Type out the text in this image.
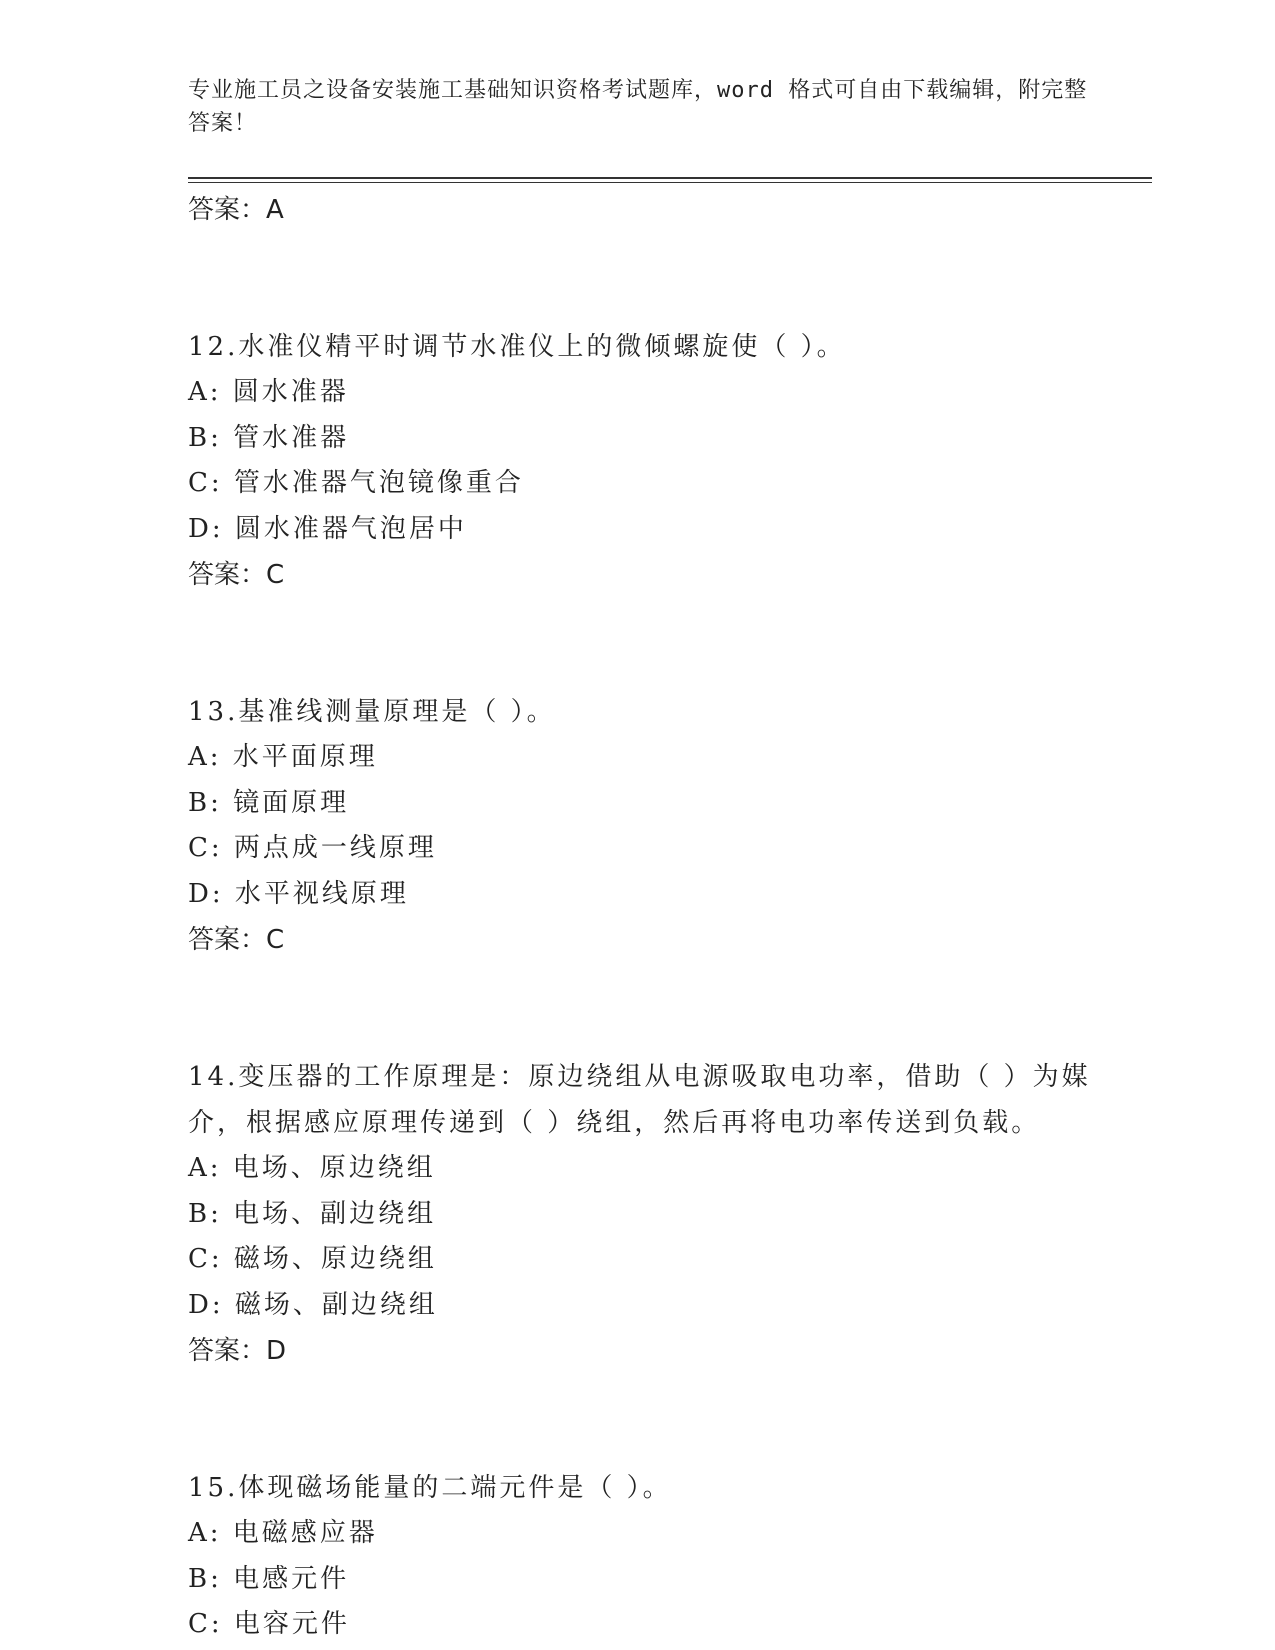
专业施工员之设备安装施工基础知识资格考试题库，word 格式可自由下载编辑，附完整答案！
答案：A
12.水准仪精平时调节水准仪上的微倾螺旋使（ ）。
A: 圆水准器
B: 管水准器
C: 管水准器气泡镜像重合
D: 圆水准器气泡居中
答案：C
13.基准线测量原理是（ ）。
A: 水平面原理
B: 镜面原理
C: 两点成一线原理
D: 水平视线原理
答案：C
14.变压器的工作原理是：原边绕组从电源吸取电功率，借助（ ）为媒介，根据感应原理传递到（ ）绕组，然后再将电功率传送到负载。
A: 电场、原边绕组
B: 电场、副边绕组
C: 磁场、原边绕组
D: 磁场、副边绕组
答案：D
15.体现磁场能量的二端元件是（ ）。
A: 电磁感应器
B: 电感元件
C: 电容元件
